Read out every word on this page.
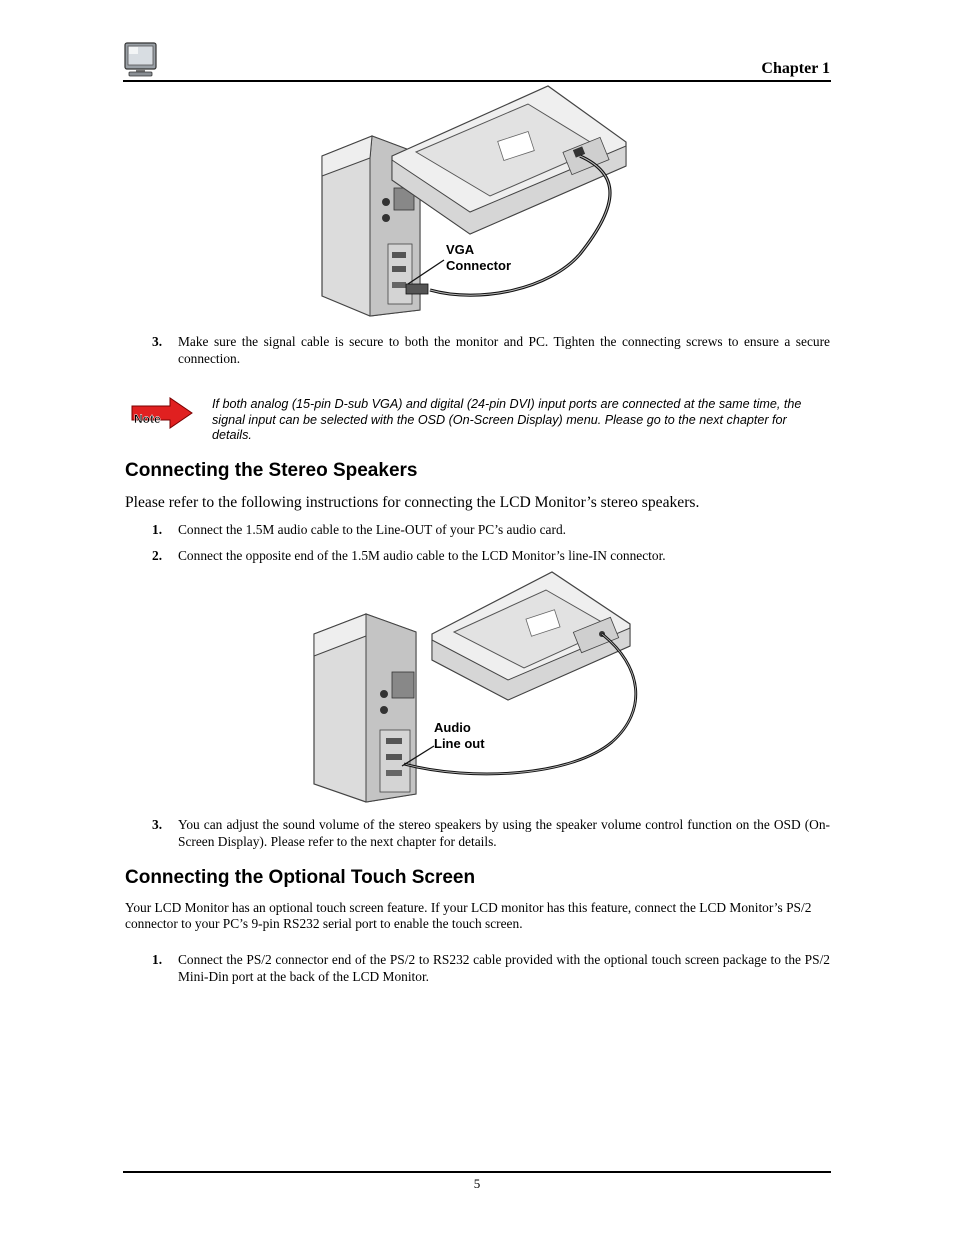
Chapter 1
VGA
Connector
3. Make sure the signal cable is secure to both the monitor and PC. Tighten the connecting screws to ensure a secure connection.
Note
If both analog (15-pin D-sub VGA) and digital (24-pin DVI) input ports are connected at the same time, the signal input can be selected with the OSD (On-Screen Display) menu. Please go to the next chapter for details.
Connecting the Stereo Speakers
Please refer to the following instructions for connecting the LCD Monitor’s stereo speakers.
1. Connect the 1.5M audio cable to the Line-OUT of your PC’s audio card.
2. Connect the opposite end of the 1.5M audio cable to the LCD Monitor’s line-IN connector.
Audio
Line out
3. You can adjust the sound volume of the stereo speakers by using the speaker volume control function on the OSD (On-Screen Display). Please refer to the next chapter for details.
Connecting the Optional Touch Screen
Your LCD Monitor has an optional touch screen feature. If your LCD monitor has this feature, connect the LCD Monitor’s PS/2 connector to your PC’s 9-pin RS232 serial port to enable the touch screen.
1. Connect the PS/2 connector end of the PS/2 to RS232 cable provided with the optional touch screen package to the PS/2 Mini-Din port at the back of the LCD Monitor.
5
